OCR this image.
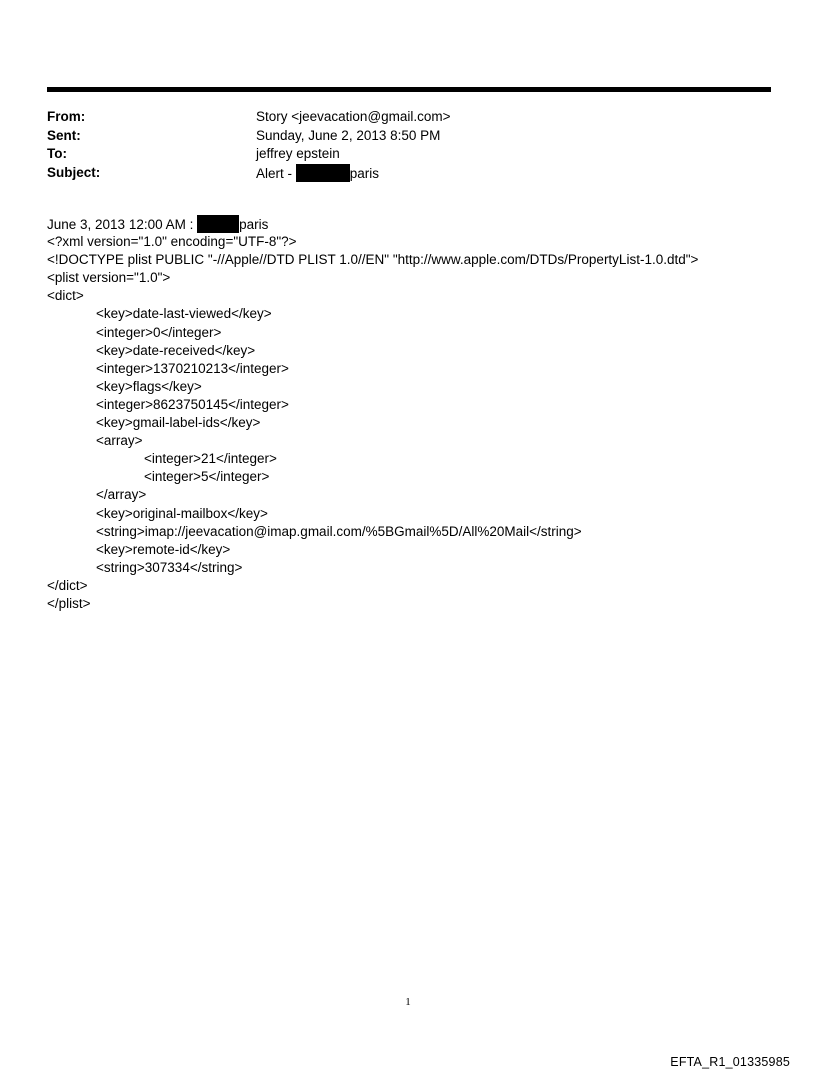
From:	Story <jeevacation@gmail.com>
Sent:	Sunday, June 2, 2013 8:50 PM
To:	jeffrey epstein
Subject:	Alert -	paris
June 3, 2013 12:00 AM :	paris
<?xml version="1.0" encoding="UTF-8"?>
<!DOCTYPE plist PUBLIC "-//Apple//DTD PLIST 1.0//EN" "http://www.apple.com/DTDs/PropertyList-1.0.dtd">
<plist version="1.0">
<dict>
<key>date-last-viewed</key>
<integer>0</integer>
<key>date-received</key>
<integer>1370210213</integer>
<key>flags</key>
<integer>8623750145</integer>
<key>gmail-label-ids</key>
<array>
<integer>21</integer>
<integer>5</integer>
</array>
<key>original-mailbox</key>
<string>imap://jeevacation@imap.gmail.com/%5BGmail%5D/All%20Mail</string>
<key>remote-id</key>
<string>307334</string>
</dict>
</plist>
1
EFTA_R1_01335985
